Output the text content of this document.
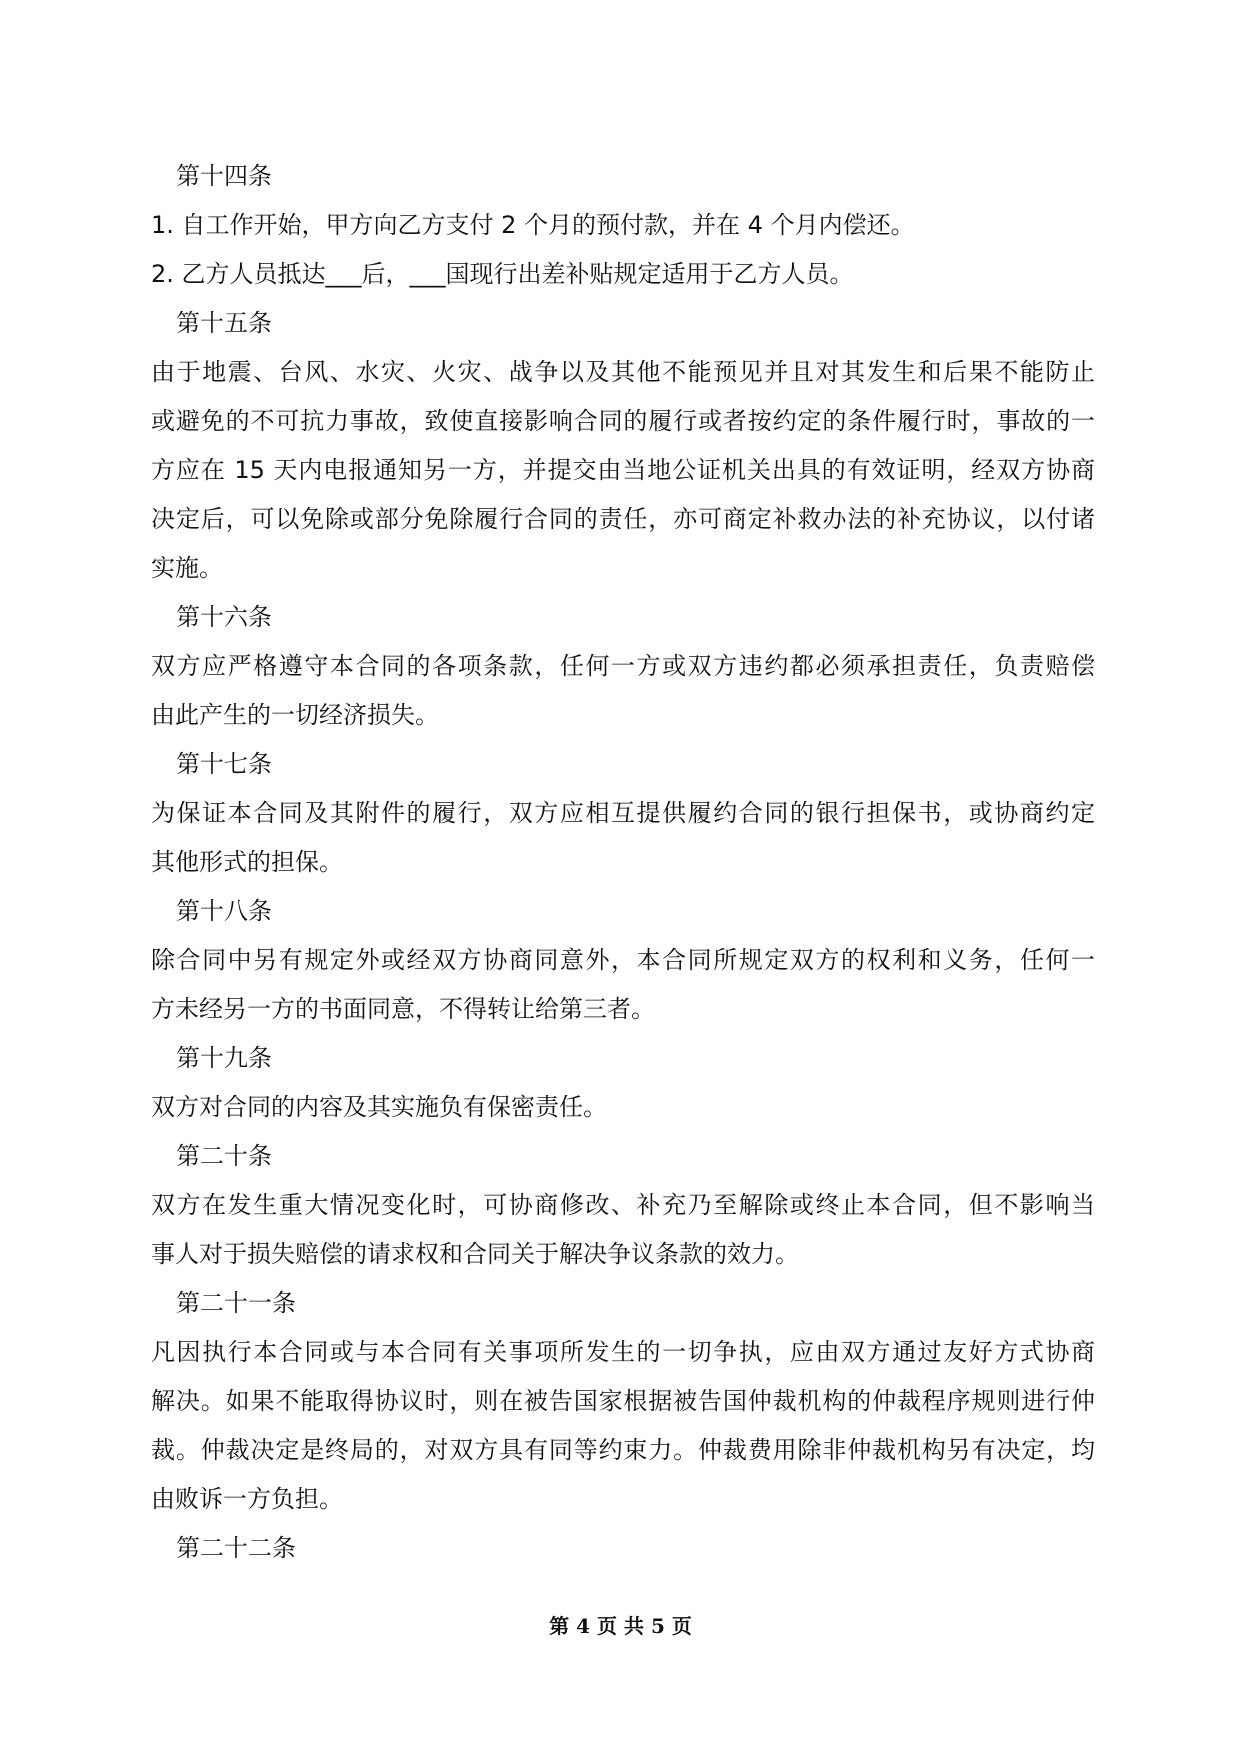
第十四条
1. 自工作开始，甲方向乙方支付 2 个月的预付款，并在 4 个月内偿还。
2. 乙方人员抵达___后，___国现行出差补贴规定适用于乙方人员。
第十五条
由于地震、台风、水灾、火灾、战争以及其他不能预见并且对其发生和后果不能防止
或避免的不可抗力事故，致使直接影响合同的履行或者按约定的条件履行时，事故的一
方应在 15 天内电报通知另一方，并提交由当地公证机关出具的有效证明，经双方协商
决定后，可以免除或部分免除履行合同的责任，亦可商定补救办法的补充协议，以付诸
实施。
第十六条
双方应严格遵守本合同的各项条款，任何一方或双方违约都必须承担责任，负责赔偿
由此产生的一切经济损失。
第十七条
为保证本合同及其附件的履行，双方应相互提供履约合同的银行担保书，或协商约定
其他形式的担保。
第十八条
除合同中另有规定外或经双方协商同意外，本合同所规定双方的权利和义务，任何一
方未经另一方的书面同意，不得转让给第三者。
第十九条
双方对合同的内容及其实施负有保密责任。
第二十条
双方在发生重大情况变化时，可协商修改、补充乃至解除或终止本合同，但不影响当
事人对于损失赔偿的请求权和合同关于解决争议条款的效力。
第二十一条
凡因执行本合同或与本合同有关事项所发生的一切争执，应由双方通过友好方式协商
解决。如果不能取得协议时，则在被告国家根据被告国仲裁机构的仲裁程序规则进行仲
裁。仲裁决定是终局的，对双方具有同等约束力。仲裁费用除非仲裁机构另有决定，均
由败诉一方负担。
第二十二条
第 4 页 共 5 页
